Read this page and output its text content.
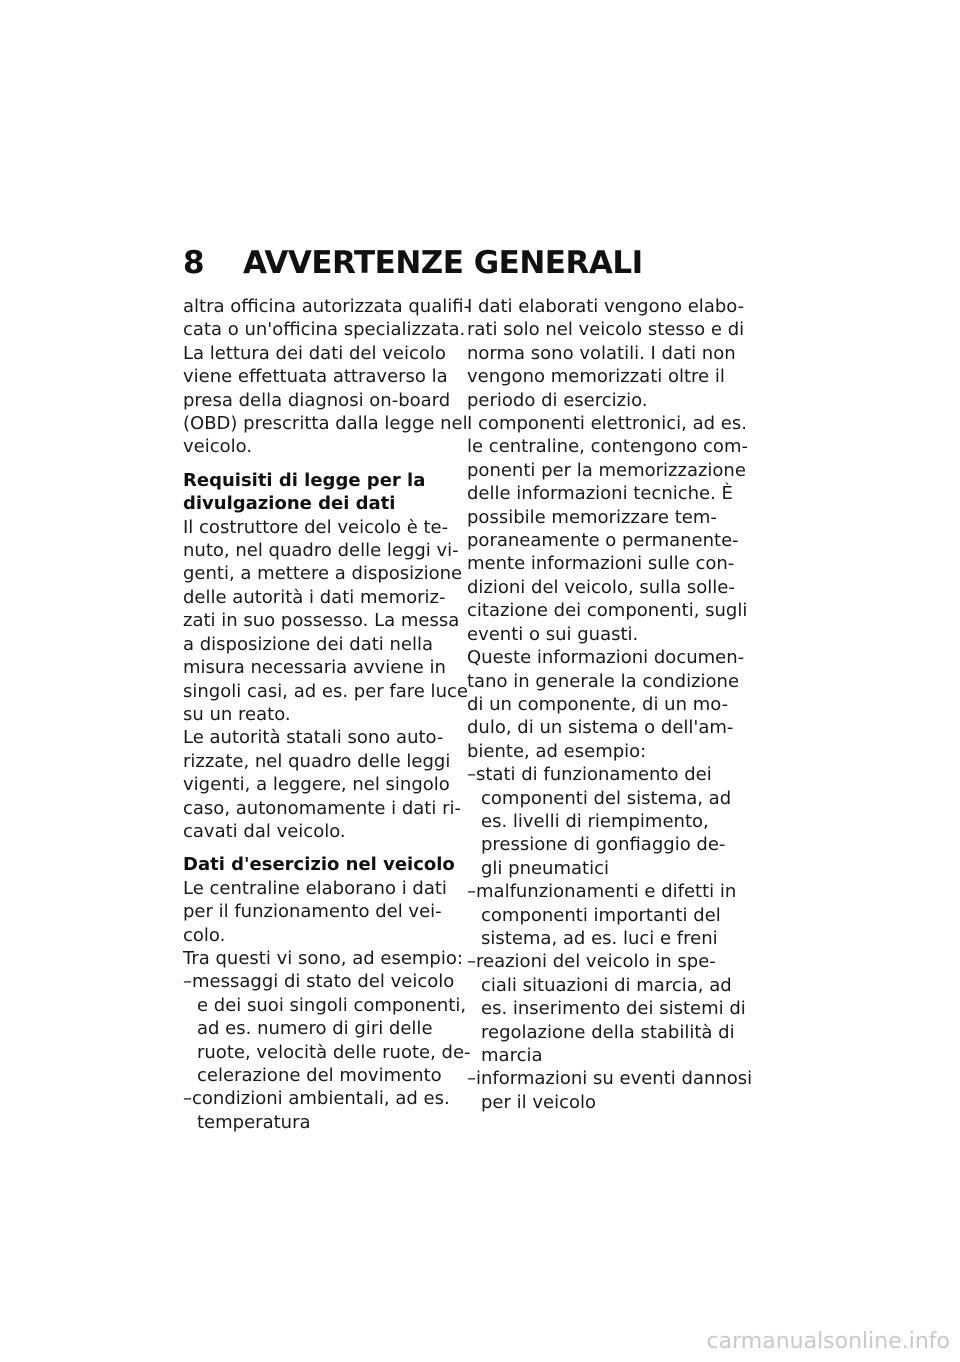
8 AVVERTENZE GENERALI
altra officina autorizzata qualifi-
cata o un'officina specializzata.
La lettura dei dati del veicolo
viene effettuata attraverso la
presa della diagnosi on-board
(OBD) prescritta dalla legge nel
veicolo.
Requisiti di legge per la
divulgazione dei dati
Il costruttore del veicolo è te-
nuto, nel quadro delle leggi vi-
genti, a mettere a disposizione
delle autorità i dati memoriz-
zati in suo possesso. La messa
a disposizione dei dati nella
misura necessaria avviene in
singoli casi, ad es. per fare luce
su un reato.
Le autorità statali sono auto-
rizzate, nel quadro delle leggi
vigenti, a leggere, nel singolo
caso, autonomamente i dati ri-
cavati dal veicolo.
Dati d'esercizio nel veicolo
Le centraline elaborano i dati
per il funzionamento del vei-
colo.
Tra questi vi sono, ad esempio:
–messaggi di stato del veicolo
e dei suoi singoli componenti,
ad es. numero di giri delle
ruote, velocità delle ruote, de-
celerazione del movimento
–condizioni ambientali, ad es.
temperatura
I dati elaborati vengono elabo-
rati solo nel veicolo stesso e di
norma sono volatili. I dati non
vengono memorizzati oltre il
periodo di esercizio.
I componenti elettronici, ad es.
le centraline, contengono com-
ponenti per la memorizzazione
delle informazioni tecniche. È
possibile memorizzare tem-
poraneamente o permanente-
mente informazioni sulle con-
dizioni del veicolo, sulla solle-
citazione dei componenti, sugli
eventi o sui guasti.
Queste informazioni documen-
tano in generale la condizione
di un componente, di un mo-
dulo, di un sistema o dell'am-
biente, ad esempio:
–stati di funzionamento dei
componenti del sistema, ad
es. livelli di riempimento,
pressione di gonfiaggio de-
gli pneumatici
–malfunzionamenti e difetti in
componenti importanti del
sistema, ad es. luci e freni
–reazioni del veicolo in spe-
ciali situazioni di marcia, ad
es. inserimento dei sistemi di
regolazione della stabilità di
marcia
–informazioni su eventi dannosi
per il veicolo
carmanualsonline.info
